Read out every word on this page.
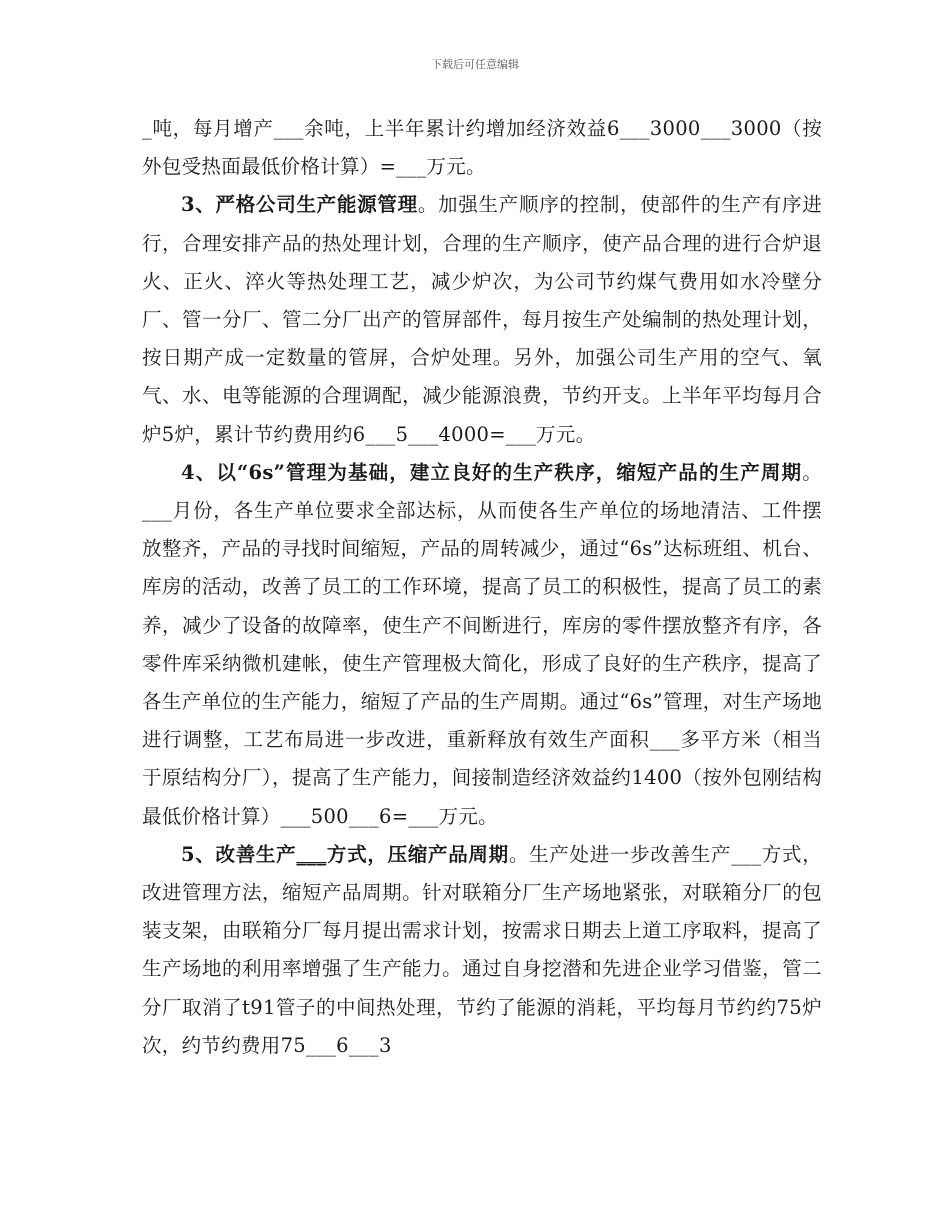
下载后可任意编辑

_吨，每月增产___余吨，上半年累计约增加经济效益6___3000___3000（按外包受热面最低价格计算）=___万元。

3、严格公司生产能源管理。加强生产顺序的控制，使部件的生产有序进行，合理安排产品的热处理计划，合理的生产顺序，使产品合理的进行合炉退火、正火、淬火等热处理工艺，减少炉次，为公司节约煤气费用如水冷壁分厂、管一分厂、管二分厂出产的管屏部件，每月按生产处编制的热处理计划，按日期产成一定数量的管屏，合炉处理。另外，加强公司生产用的空气、氧气、水、电等能源的合理调配，减少能源浪费，节约开支。上半年平均每月合炉5炉，累计节约费用约6___5___4000=___万元。

4、以“6s”管理为基础，建立良好的生产秩序，缩短产品的生产周期。___月份，各生产单位要求全部达标，从而使各生产单位的场地清洁、工件摆放整齐，产品的寻找时间缩短，产品的周转减少，通过“6s”达标班组、机台、库房的活动，改善了员工的工作环境，提高了员工的积极性，提高了员工的素养，减少了设备的故障率，使生产不间断进行，库房的零件摆放整齐有序，各零件库采纳微机建帐，使生产管理极大简化，形成了良好的生产秩序，提高了各生产单位的生产能力，缩短了产品的生产周期。通过“6s”管理，对生产场地进行调整，工艺布局进一步改进，重新释放有效生产面积___多平方米（相当于原结构分厂），提高了生产能力，间接制造经济效益约1400（按外包刚结构最低价格计算）___500___6=___万元。

5、改善生产___方式，压缩产品周期。生产处进一步改善生产___方式，改进管理方法，缩短产品周期。针对联箱分厂生产场地紧张，对联箱分厂的包装支架，由联箱分厂每月提出需求计划，按需求日期去上道工序取料，提高了生产场地的利用率增强了生产能力。通过自身挖潜和先进企业学习借鉴，管二分厂取消了t91管子的中间热处理，节约了能源的消耗，平均每月节约约75炉次，约节约费用75___6___3
